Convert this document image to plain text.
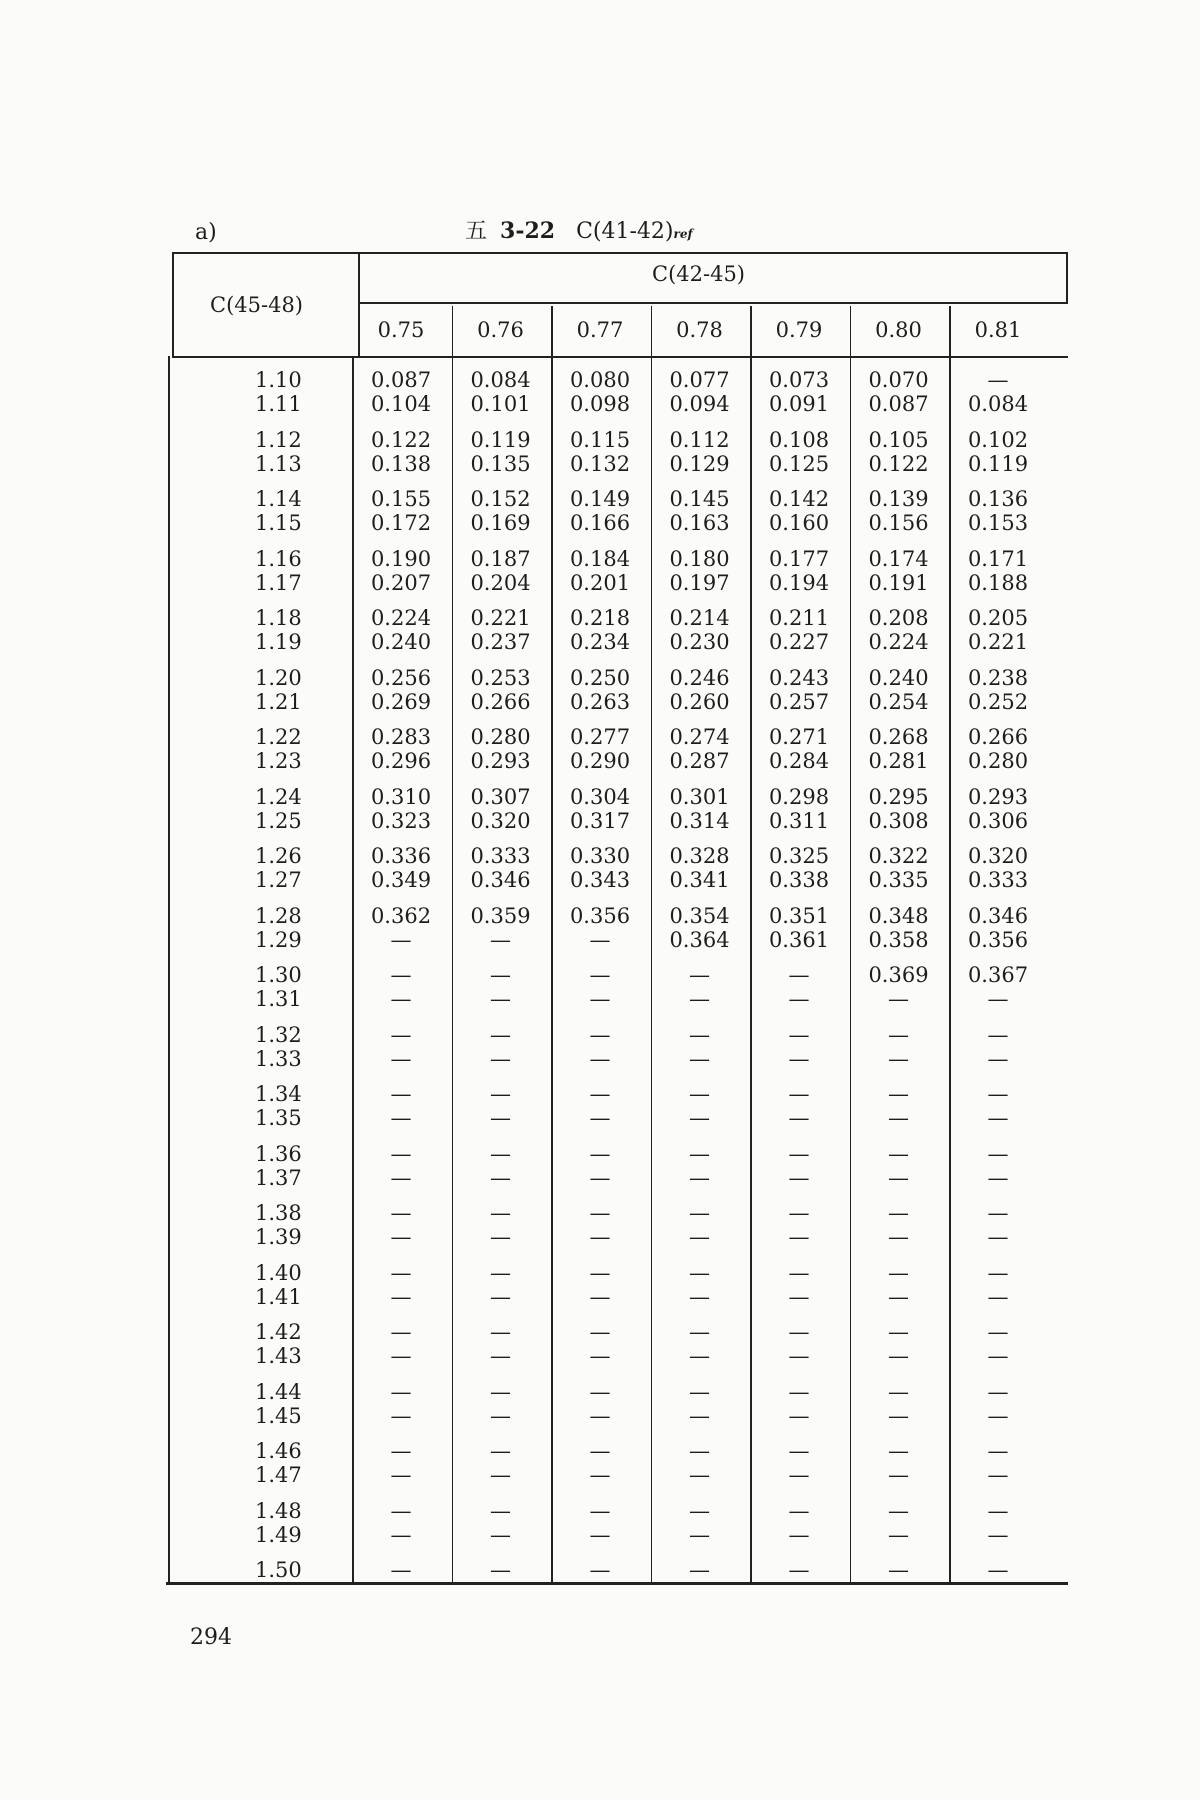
a)	五 3-22 C(41-42)ref
C(45-48)
C(42-45)
0.75	0.76	0.77	0.78	0.79	0.80	0.81
1.10	0.087	0.084	0.080	0.077	0.073	0.070	—
1.11	0.104	0.101	0.098	0.094	0.091	0.087	0.084
1.12	0.122	0.119	0.115	0.112	0.108	0.105	0.102
1.13	0.138	0.135	0.132	0.129	0.125	0.122	0.119
1.14	0.155	0.152	0.149	0.145	0.142	0.139	0.136
1.15	0.172	0.169	0.166	0.163	0.160	0.156	0.153
1.16	0.190	0.187	0.184	0.180	0.177	0.174	0.171
1.17	0.207	0.204	0.201	0.197	0.194	0.191	0.188
1.18	0.224	0.221	0.218	0.214	0.211	0.208	0.205
1.19	0.240	0.237	0.234	0.230	0.227	0.224	0.221
1.20	0.256	0.253	0.250	0.246	0.243	0.240	0.238
1.21	0.269	0.266	0.263	0.260	0.257	0.254	0.252
1.22	0.283	0.280	0.277	0.274	0.271	0.268	0.266
1.23	0.296	0.293	0.290	0.287	0.284	0.281	0.280
1.24	0.310	0.307	0.304	0.301	0.298	0.295	0.293
1.25	0.323	0.320	0.317	0.314	0.311	0.308	0.306
1.26	0.336	0.333	0.330	0.328	0.325	0.322	0.320
1.27	0.349	0.346	0.343	0.341	0.338	0.335	0.333
1.28	0.362	0.359	0.356	0.354	0.351	0.348	0.346
1.29	—	—	—	0.364	0.361	0.358	0.356
1.30	—	—	—	—	—	0.369	0.367
1.31	—	—	—	—	—	—	—
1.32	—	—	—	—	—	—	—
1.33	—	—	—	—	—	—	—
1.34	—	—	—	—	—	—	—
1.35	—	—	—	—	—	—	—
1.36	—	—	—	—	—	—	—
1.37	—	—	—	—	—	—	—
1.38	—	—	—	—	—	—	—
1.39	—	—	—	—	—	—	—
1.40	—	—	—	—	—	—	—
1.41	—	—	—	—	—	—	—
1.42	—	—	—	—	—	—	—
1.43	—	—	—	—	—	—	—
1.44	—	—	—	—	—	—	—
1.45	—	—	—	—	—	—	—
1.46	—	—	—	—	—	—	—
1.47	—	—	—	—	—	—	—
1.48	—	—	—	—	—	—	—
1.49	—	—	—	—	—	—	—
1.50	—	—	—	—	—	—	—
294
